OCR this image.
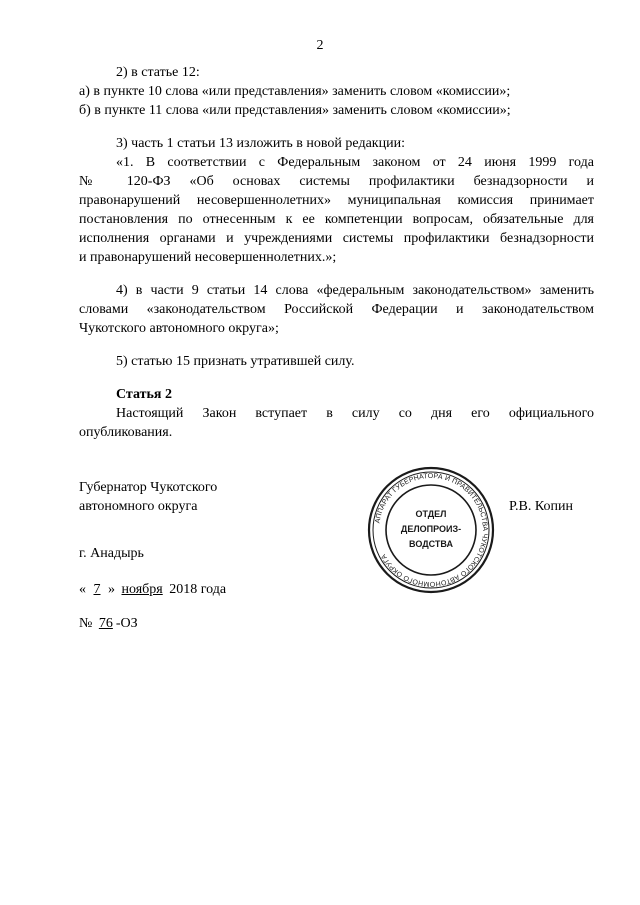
2
2) в статье 12:
а) в пункте 10 слова «или представления» заменить словом «комиссии»;
б) в пункте 11 слова «или представления» заменить словом «комиссии»;
3) часть 1 статьи 13 изложить в новой редакции:
«1. В соответствии с Федеральным законом от 24 июня 1999 года
№ 120-ФЗ «Об основах системы профилактики безнадзорности и
правонарушений несовершеннолетних» муниципальная комиссия принимает
постановления по отнесенным к ее компетенции вопросам, обязательные для
исполнения органами и учреждениями системы профилактики безнадзорности
и правонарушений несовершеннолетних.»;
4) в части 9 статьи 14 слова «федеральным законодательством» заменить
словами «законодательством Российской Федерации и законодательством
Чукотского автономного округа»;
5) статью 15 признать утратившей силу.
Статья 2
Настоящий Закон вступает в силу со дня его официального
опубликования.
Губернатор Чукотского
автономного округа	Р.В. Копин
АППАРАТ ГУБЕРНАТОРА И ПРАВИТЕЛЬСТВА ЧУКОТСКОГО АВТОНОМНОГО ОКРУГА
ОТДЕЛ
ДЕЛОПРОИЗ-
ВОДСТВА
г. Анадырь
« 7 » ноября 2018 года
№ 76 -ОЗ
